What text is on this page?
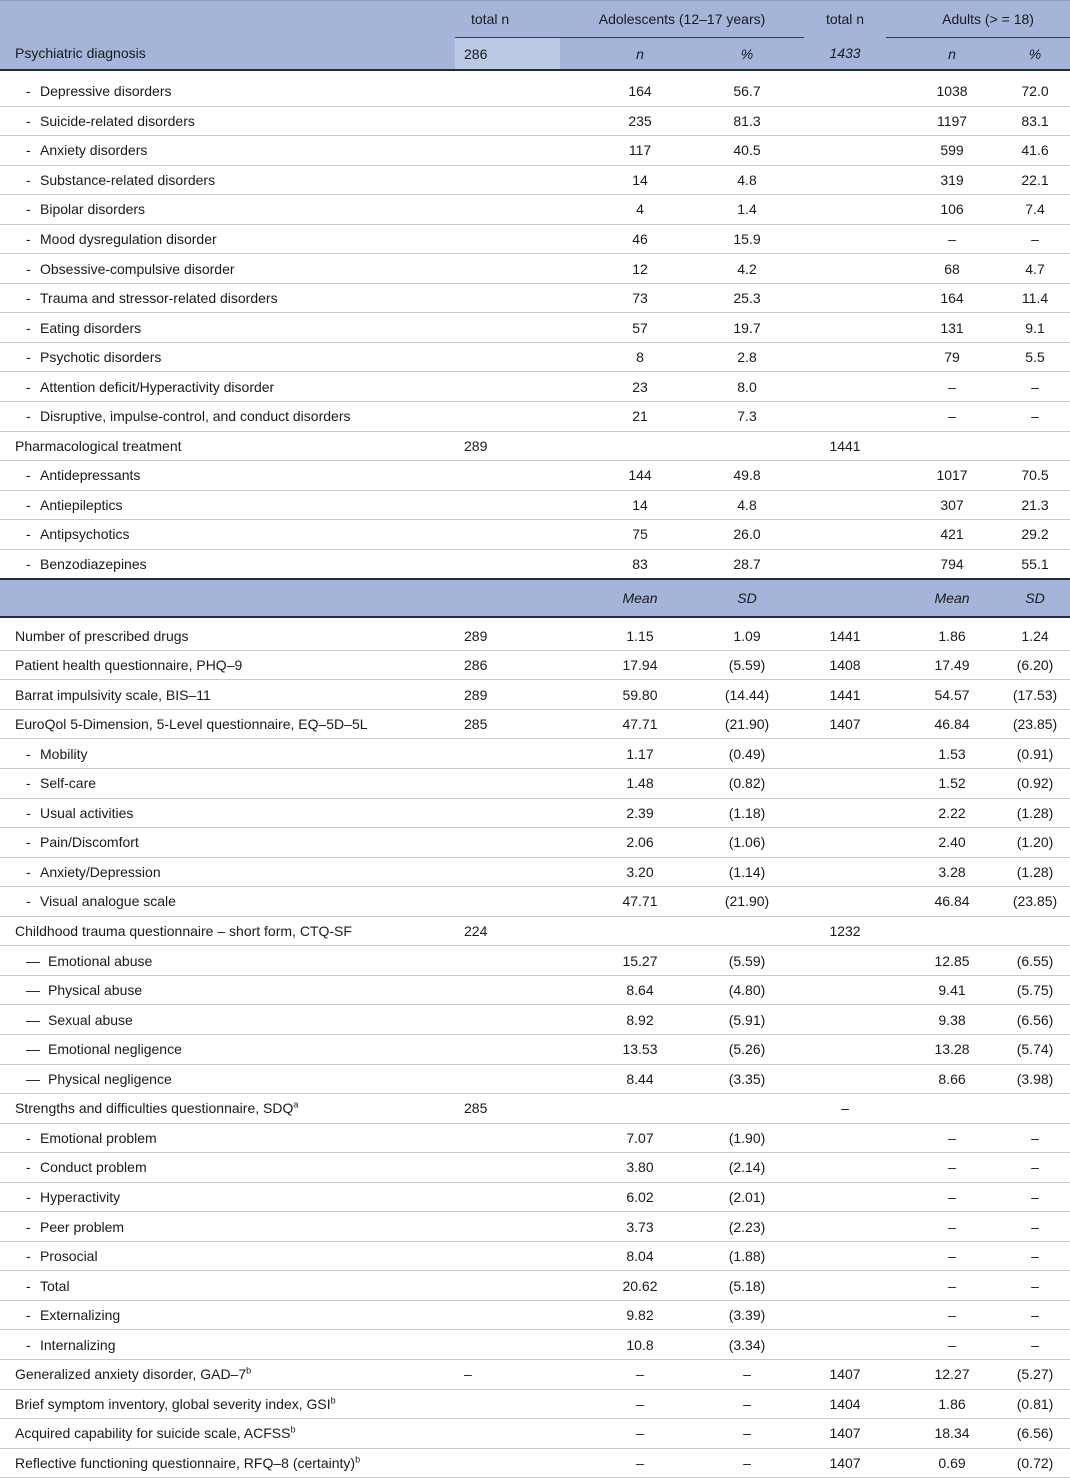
	total n	Adolescents (12–17 years)		total n	Adults (> = 18)	
Psychiatric diagnosis	286	n	%	1433	n	%

- Depressive disorders		164	56.7		1038	72.0
- Suicide-related disorders		235	81.3		1197	83.1
- Anxiety disorders		117	40.5		599	41.6
- Substance-related disorders		14	4.8		319	22.1
- Bipolar disorders		4	1.4		106	7.4
- Mood dysregulation disorder		46	15.9		–	–
- Obsessive-compulsive disorder		12	4.2		68	4.7
- Trauma and stressor-related disorders		73	25.3		164	11.4
- Eating disorders		57	19.7		131	9.1
- Psychotic disorders		8	2.8		79	5.5
- Attention deficit/Hyperactivity disorder		23	8.0		–	–
- Disruptive, impulse-control, and conduct disorders		21	7.3		–	–
Pharmacological treatment	289			1441		
- Antidepressants		144	49.8		1017	70.5
- Antiepileptics		14	4.8		307	21.3
- Antipsychotics		75	26.0		421	29.2
- Benzodiazepines		83	28.7		794	55.1
		Mean	SD		Mean	SD

Number of prescribed drugs	289	1.15	1.09	1441	1.86	1.24
Patient health questionnaire, PHQ–9	286	17.94	(5.59)	1408	17.49	(6.20)
Barrat impulsivity scale, BIS–11	289	59.80	(14.44)	1441	54.57	(17.53)
EuroQol 5-Dimension, 5-Level questionnaire, EQ–5D–5L	285	47.71	(21.90)	1407	46.84	(23.85)
- Mobility		1.17	(0.49)		1.53	(0.91)
- Self-care		1.48	(0.82)		1.52	(0.92)
- Usual activities		2.39	(1.18)		2.22	(1.28)
- Pain/Discomfort		2.06	(1.06)		2.40	(1.20)
- Anxiety/Depression		3.20	(1.14)		3.28	(1.28)
- Visual analogue scale		47.71	(21.90)		46.84	(23.85)
Childhood trauma questionnaire – short form, CTQ-SF	224			1232		
— Emotional abuse		15.27	(5.59)		12.85	(6.55)
— Physical abuse		8.64	(4.80)		9.41	(5.75)
— Sexual abuse		8.92	(5.91)		9.38	(6.56)
— Emotional negligence		13.53	(5.26)		13.28	(5.74)
— Physical negligence		8.44	(3.35)		8.66	(3.98)
Strengths and difficulties questionnaire, SDQ$^a$	285			–		
- Emotional problem		7.07	(1.90)		–	–
- Conduct problem		3.80	(2.14)		–	–
- Hyperactivity		6.02	(2.01)		–	–
- Peer problem		3.73	(2.23)		–	–
- Prosocial		8.04	(1.88)		–	–
- Total		20.62	(5.18)		–	–
- Externalizing		9.82	(3.39)		–	–
- Internalizing		10.8	(3.34)		–	–
Generalized anxiety disorder, GAD–7$^b$	–	–	–	1407	12.27	(5.27)
Brief symptom inventory, global severity index, GSI$^b$		–	–	1404	1.86	(0.81)
Acquired capability for suicide scale, ACFSS$^b$		–	–	1407	18.34	(6.56)
Reflective functioning questionnaire, RFQ–8 (certainty)$^b$		–	–	1407	0.69	(0.72)
